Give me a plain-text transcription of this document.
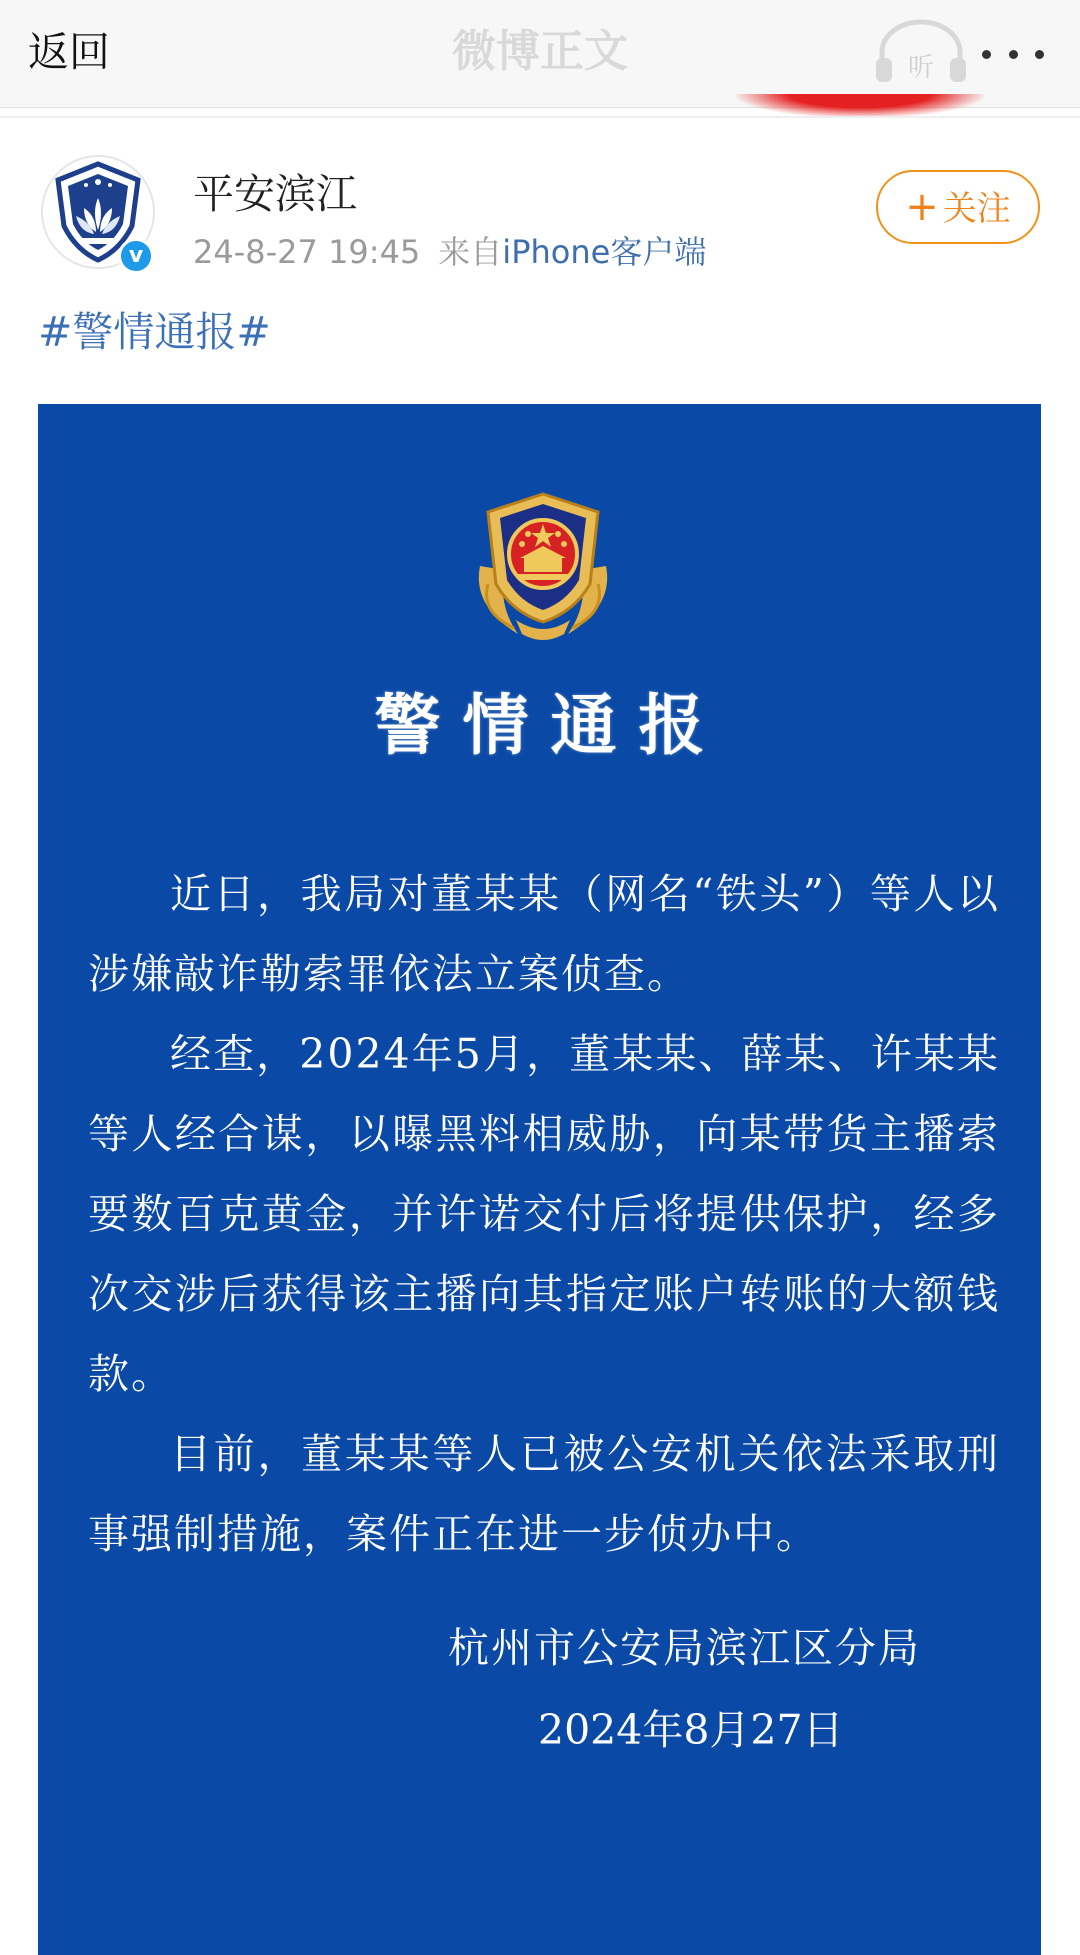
返回	微博正文	听
v
平安滨江
24-8-27 19:45 来自iPhone客户端
+ 关注
#警情通报#
警情通报

近日，我局对董某某（网名“铁头”）等人以涉嫌敲诈勒索罪依法立案侦查。

经查，2024年5月，董某某、薛某、许某某等人经合谋，以曝黑料相威胁，向某带货主播索要数百克黄金，并许诺交付后将提供保护，经多次交涉后获得该主播向其指定账户转账的大额钱款。

目前，董某某等人已被公安机关依法采取刑事强制措施，案件正在进一步侦办中。

杭州市公安局滨江区分局
2024年8月27日
